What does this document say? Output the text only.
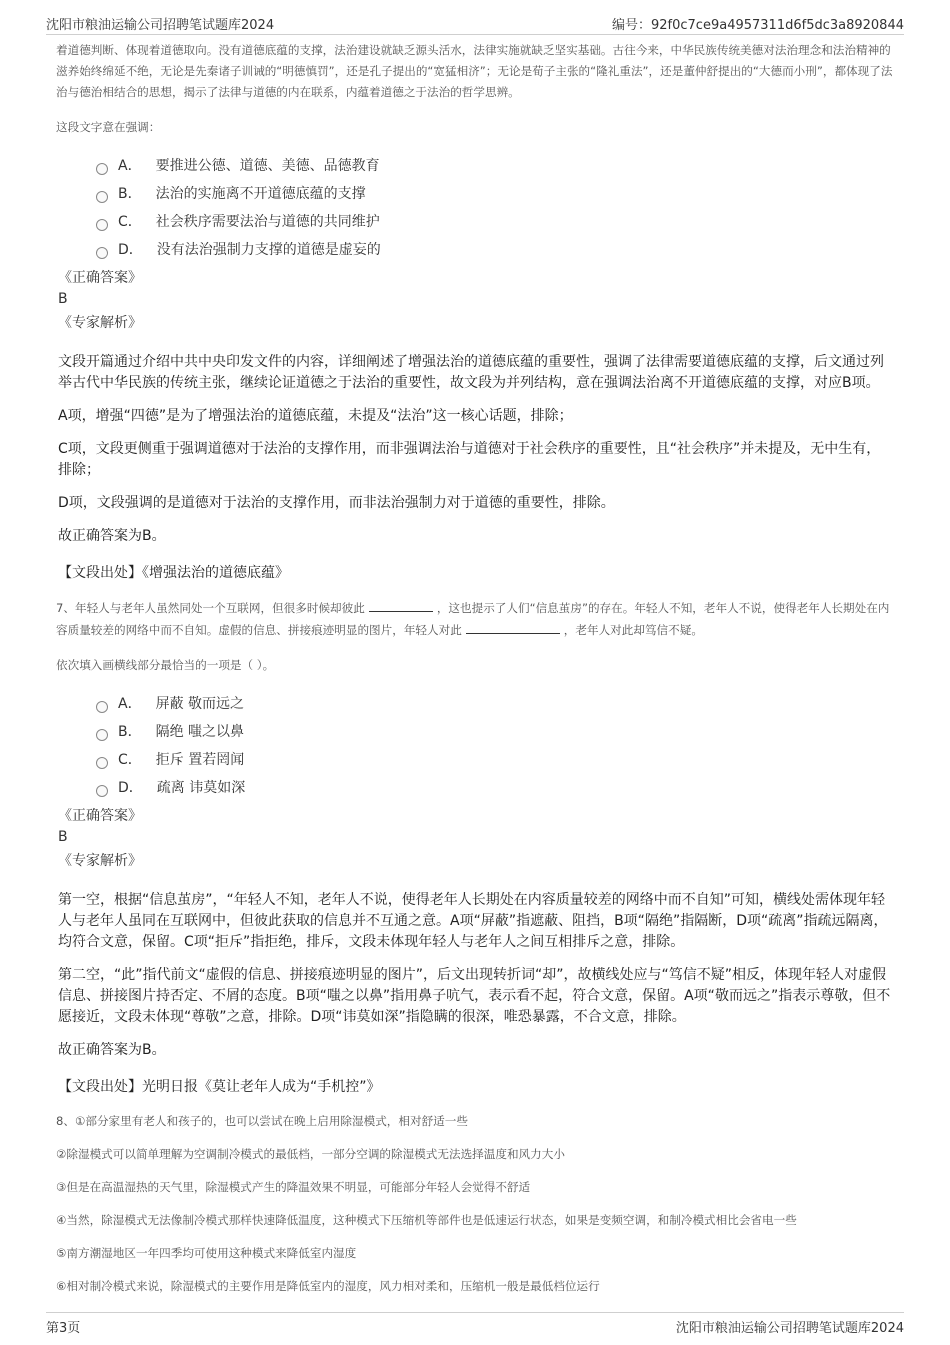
沈阳市粮油运输公司招聘笔试题库2024	编号：92f0c7ce9a4957311d6f5dc3a8920844

着道德判断、体现着道德取向。没有道德底蕴的支撑，法治建设就缺乏源头活水，法律实施就缺乏坚实基础。古往今来，中华民族传统美德对法治理念和法治精神的滋养始终绵延不绝，无论是先秦诸子训诫的“明德慎罚”，还是孔子提出的“宽猛相济”；无论是荀子主张的“隆礼重法”，还是董仲舒提出的“大德而小刑”，都体现了法治与德治相结合的思想，揭示了法律与道德的内在联系，内蕴着道德之于法治的哲学思辨。

这段文字意在强调：

A． 要推进公德、道德、美德、品德教育
B． 法治的实施离不开道德底蕴的支撑
C． 社会秩序需要法治与道德的共同维护
D． 没有法治强制力支撑的道德是虚妄的
《正确答案》
B
《专家解析》

文段开篇通过介绍中共中央印发文件的内容，详细阐述了增强法治的道德底蕴的重要性，强调了法律需要道德底蕴的支撑，后文通过列举古代中华民族的传统主张，继续论证道德之于法治的重要性，故文段为并列结构，意在强调法治离不开道德底蕴的支撑，对应B项。

A项，增强“四德”是为了增强法治的道德底蕴，未提及“法治”这一核心话题，排除；

C项，文段更侧重于强调道德对于法治的支撑作用，而非强调法治与道德对于社会秩序的重要性，且“社会秩序”并未提及，无中生有，排除；

D项，文段强调的是道德对于法治的支撑作用，而非法治强制力对于道德的重要性，排除。

故正确答案为B。

【文段出处】《增强法治的道德底蕴》

7、年轻人与老年人虽然同处一个互联网，但很多时候却彼此	，这也提示了人们“信息茧房”的存在。年轻人不知，老年人不说，使得老年人长期处在内容质量较差的网络中而不自知。虚假的信息、拼接痕迹明显的图片，年轻人对此	，老年人对此却笃信不疑。

依次填入画横线部分最恰当的一项是（ ）。

A． 屏蔽 敬而远之
B． 隔绝 嗤之以鼻
C． 拒斥 置若罔闻
D． 疏离 讳莫如深
《正确答案》
B
《专家解析》

第一空，根据“信息茧房”，“年轻人不知，老年人不说，使得老年人长期处在内容质量较差的网络中而不自知”可知，横线处需体现年轻人与老年人虽同在互联网中，但彼此获取的信息并不互通之意。A项“屏蔽”指遮蔽、阻挡，B项“隔绝”指隔断，D项“疏离”指疏远隔离，均符合文意，保留。C项“拒斥”指拒绝，排斥，文段未体现年轻人与老年人之间互相排斥之意，排除。

第二空，“此”指代前文“虚假的信息、拼接痕迹明显的图片”，后文出现转折词“却”，故横线处应与“笃信不疑”相反，体现年轻人对虚假信息、拼接图片持否定、不屑的态度。B项“嗤之以鼻”指用鼻子吭气，表示看不起，符合文意，保留。A项“敬而远之”指表示尊敬，但不愿接近，文段未体现“尊敬”之意，排除。D项“讳莫如深”指隐瞒的很深，唯恐暴露，不合文意，排除。

故正确答案为B。

【文段出处】光明日报《莫让老年人成为“手机控”》

8、①部分家里有老人和孩子的，也可以尝试在晚上启用除湿模式，相对舒适一些

②除湿模式可以简单理解为空调制冷模式的最低档，一部分空调的除湿模式无法选择温度和风力大小

③但是在高温湿热的天气里，除湿模式产生的降温效果不明显，可能部分年轻人会觉得不舒适

④当然，除湿模式无法像制冷模式那样快速降低温度，这种模式下压缩机等部件也是低速运行状态，如果是变频空调，和制冷模式相比会省电一些

⑤南方潮湿地区一年四季均可使用这种模式来降低室内湿度

⑥相对制冷模式来说，除湿模式的主要作用是降低室内的湿度，风力相对柔和，压缩机一般是最低档位运行

第3页	沈阳市粮油运输公司招聘笔试题库2024
